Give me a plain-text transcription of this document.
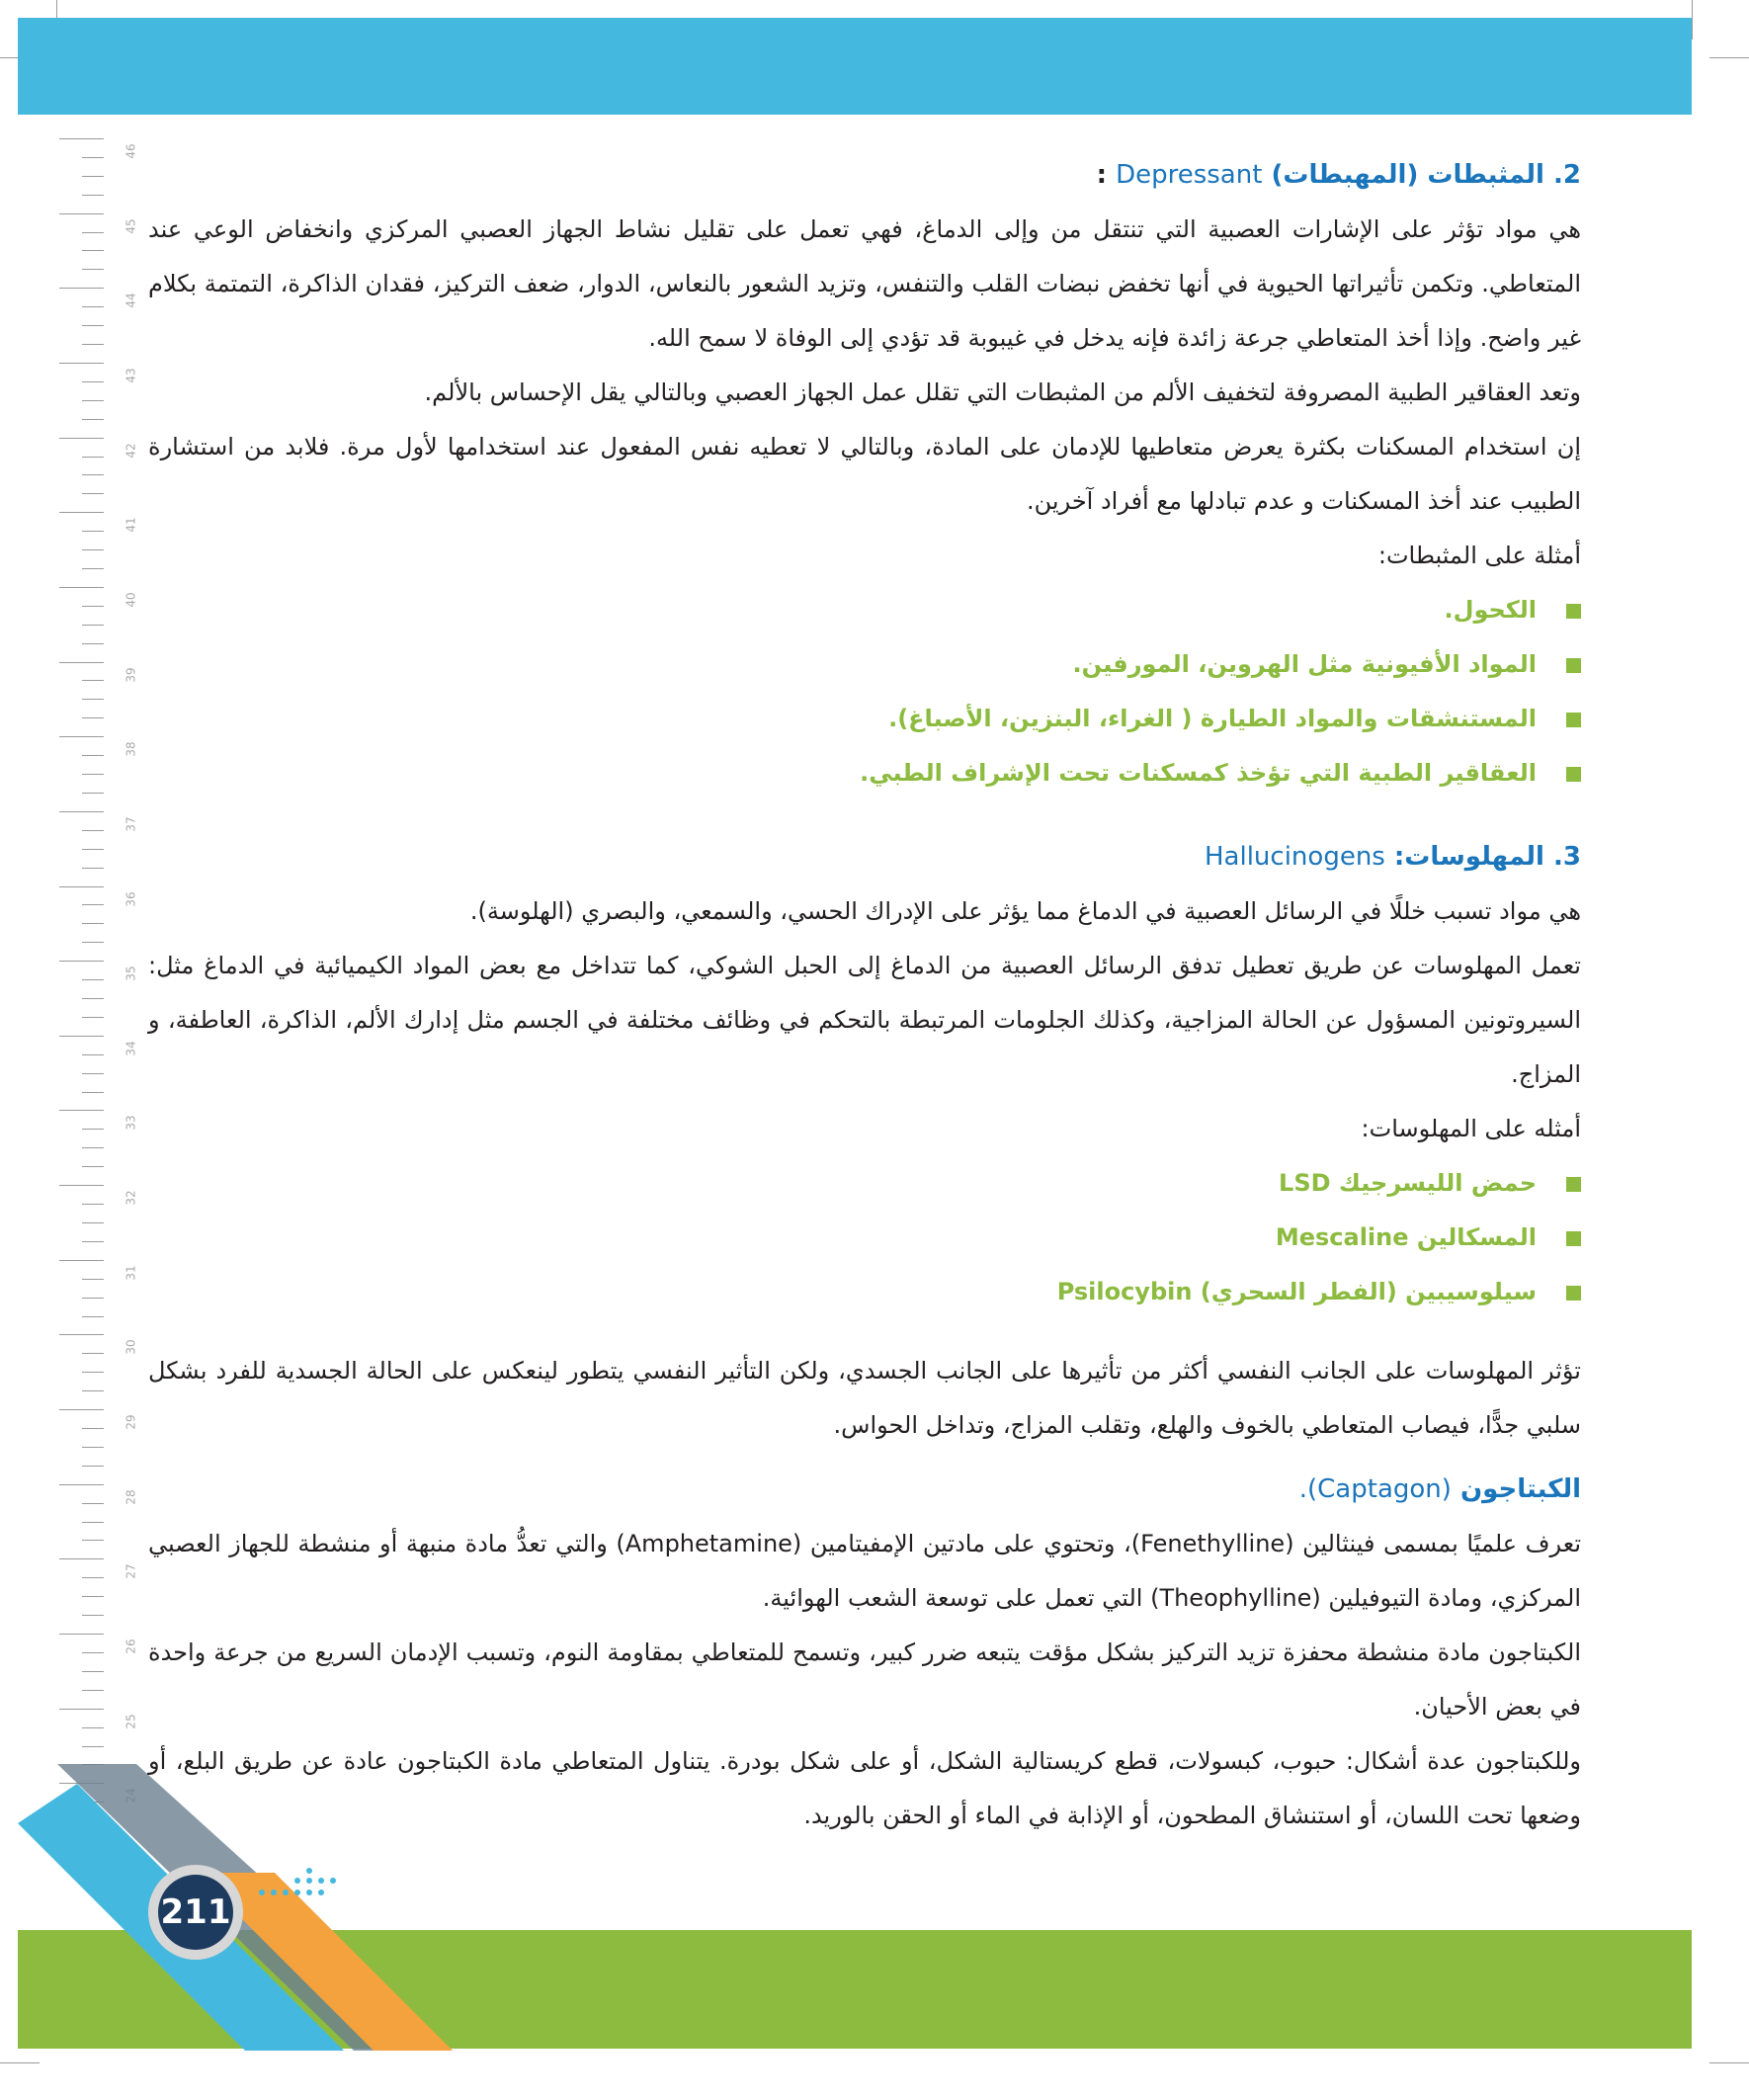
46
45
44
43
42
41
40
39
38
37
36
35
34
33
32
31
30
29
28
27
26
25
2. المثبطات (المهبطات) Depressant :

هي مواد تؤثر على الإشارات العصبية التي تنتقل من وإلى الدماغ، فهي تعمل على تقليل نشاط الجهاز العصبي المركزي وانخفاض الوعي عند المتعاطي. وتكمن تأثيراتها الحيوية في أنها تخفض نبضات القلب والتنفس، وتزيد الشعور بالنعاس، الدوار، ضعف التركيز، فقدان الذاكرة، التمتمة بكلام غير واضح. وإذا أخذ المتعاطي جرعة زائدة فإنه يدخل في غيبوبة قد تؤدي إلى الوفاة لا سمح الله.

وتعد العقاقير الطبية المصروفة لتخفيف الألم من المثبطات التي تقلل عمل الجهاز العصبي وبالتالي يقل الإحساس بالألم.

إن استخدام المسكنات بكثرة يعرض متعاطيها للإدمان على المادة، وبالتالي لا تعطيه نفس المفعول عند استخدامها لأول مرة. فلابد من استشارة الطبيب عند أخذ المسكنات و عدم تبادلها مع أفراد آخرين.

أمثلة على المثبطات:

الكحول.
المواد الأفيونية مثل الهروين، المورفين.
المستنشقات والمواد الطيارة ( الغراء، البنزين، الأصباغ).
العقاقير الطبية التي تؤخذ كمسكنات تحت الإشراف الطبي.
3. المهلوسات: Hallucinogens

هي مواد تسبب خللًا في الرسائل العصبية في الدماغ مما يؤثر على الإدراك الحسي، والسمعي، والبصري (الهلوسة).

تعمل المهلوسات عن طريق تعطيل تدفق الرسائل العصبية من الدماغ إلى الحبل الشوكي، كما تتداخل مع بعض المواد الكيميائية في الدماغ مثل: السيروتونين المسؤول عن الحالة المزاجية، وكذلك الجلومات المرتبطة بالتحكم في وظائف مختلفة في الجسم مثل إدارك الألم، الذاكرة، العاطفة، و المزاج.

أمثله على المهلوسات:

حمض الليسرجيك LSD
المسكالين Mescaline
سيلوسيبين (الفطر السحري) Psilocybin

تؤثر المهلوسات على الجانب النفسي أكثر من تأثيرها على الجانب الجسدي، ولكن التأثير النفسي يتطور لينعكس على الحالة الجسدية للفرد بشكل سلبي جدًّا، فيصاب المتعاطي بالخوف والهلع، وتقلب المزاج، وتداخل الحواس.

الكبتاجون (Captagon).

تعرف علميًا بمسمى فينثالين (Fenethylline)، وتحتوي على مادتين الإمفيتامين (Amphetamine) والتي تعدُّ مادة منبهة أو منشطة للجهاز العصبي المركزي، ومادة التيوفيلين (Theophylline) التي تعمل على توسعة الشعب الهوائية.

الكبتاجون مادة منشطة محفزة تزيد التركيز بشكل مؤقت يتبعه ضرر كبير، وتسمح للمتعاطي بمقاومة النوم، وتسبب الإدمان السريع من جرعة واحدة في بعض الأحيان.

وللكبتاجون عدة أشكال: حبوب، كبسولات، قطع كريستالية الشكل، أو على شكل بودرة. يتناول المتعاطي مادة الكبتاجون عادة عن طريق البلع، أو وضعها تحت اللسان، أو استنشاق المطحون، أو الإذابة في الماء أو الحقن بالوريد.

211
